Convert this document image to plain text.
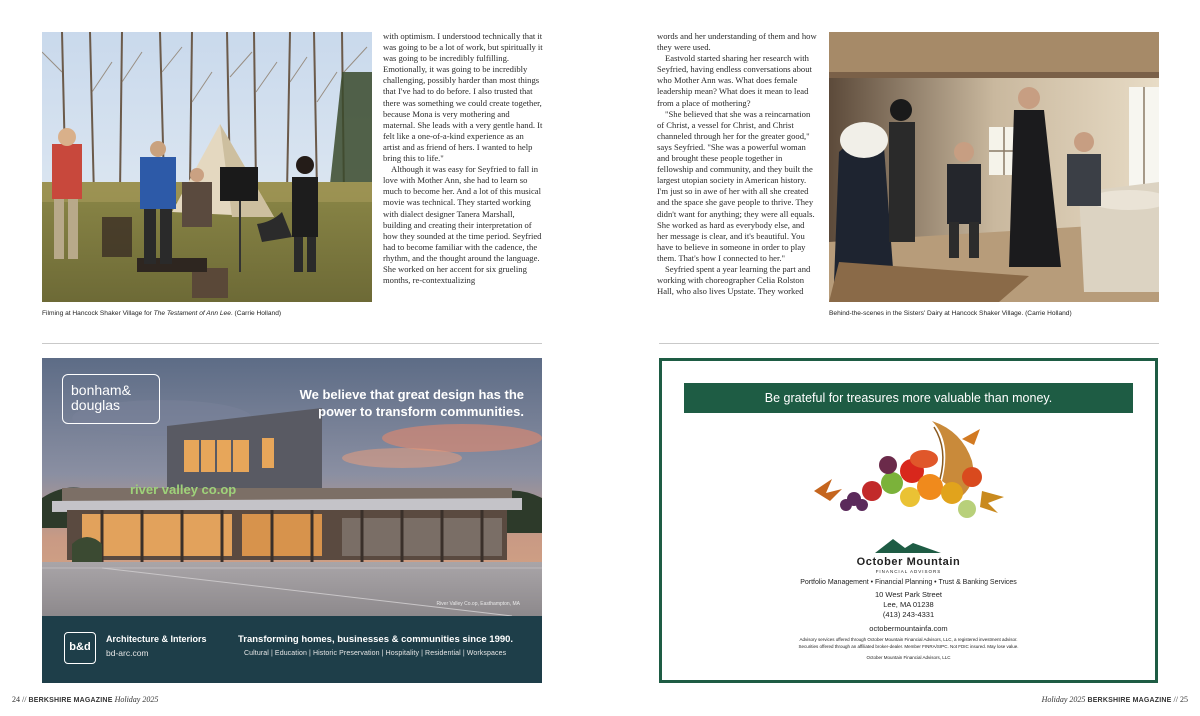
Filming at Hancock Shaker Village for The Testament of Ann Lee. (Carrie Holland)

with optimism. I understood technically that it was going to be a lot of work, but spiritually it was going to be incredibly fulfilling. Emotionally, it was going to be incredibly challenging, possibly harder than most things that I've had to do before. I also trusted that there was something we could create together, because Mona is very mothering and maternal. She leads with a very gentle hand. It felt like a one-of-a-kind experience as an artist and as friend of hers. I wanted to help bring this to life."

Although it was easy for Seyfried to fall in love with Mother Ann, she had to learn so much to become her. And a lot of this musical movie was technical. They started working with dialect designer Tanera Marshall, building and creating their interpretation of how they sounded at the time period. Seyfried had to become familiar with the cadence, the rhythm, and the thought around the language. She worked on her accent for six grueling months, re-contextualizing

river valley co.op
bonham&
douglas
We believe that great design has the power to transform communities.
River Valley Co.op, Easthampton, MA
b&d
Architecture & Interiors
bd-arc.com
Transforming homes, businesses & communities since 1990.
Cultural | Education | Historic Preservation | Hospitality | Residential | Workspaces
24 // BERKSHIRE MAGAZINE Holiday 2025

words and her understanding of them and how they were used.

Eastvold started sharing her research with Seyfried, having endless conversations about who Mother Ann was. What does female leadership mean? What does it mean to lead from a place of mothering?

"She believed that she was a reincarnation of Christ, a vessel for Christ, and Christ channeled through her for the greater good," says Seyfried. "She was a powerful woman and brought these people together in fellowship and community, and they built the largest utopian society in American history. I'm just so in awe of her with all she created and the space she gave people to thrive. They didn't want for anything; they were all equals. She worked as hard as everybody else, and her message is clear, and it's beautiful. You have to believe in someone in order to play them. That's how I connected to her."

Seyfried spent a year learning the part and working with choreographer Celia Rolston Hall, who also lives Upstate. They worked

Behind-the-scenes in the Sisters' Dairy at Hancock Shaker Village. (Carrie Holland)
Be grateful for treasures more valuable than money.
October Mountain
FINANCIAL ADVISORS
Portfolio Management • Financial Planning • Trust & Banking Services
10 West Park Street
Lee, MA 01238
(413) 243-4331
octobermountainfa.com
Advisory services offered through October Mountain Financial Advisors, LLC, a registered investment advisor.
Securities offered through an affiliated broker-dealer. Member FINRA/SIPC. Not FDIC insured. May lose value.
October Mountain Financial Advisors, LLC
Holiday 2025 BERKSHIRE MAGAZINE // 25
